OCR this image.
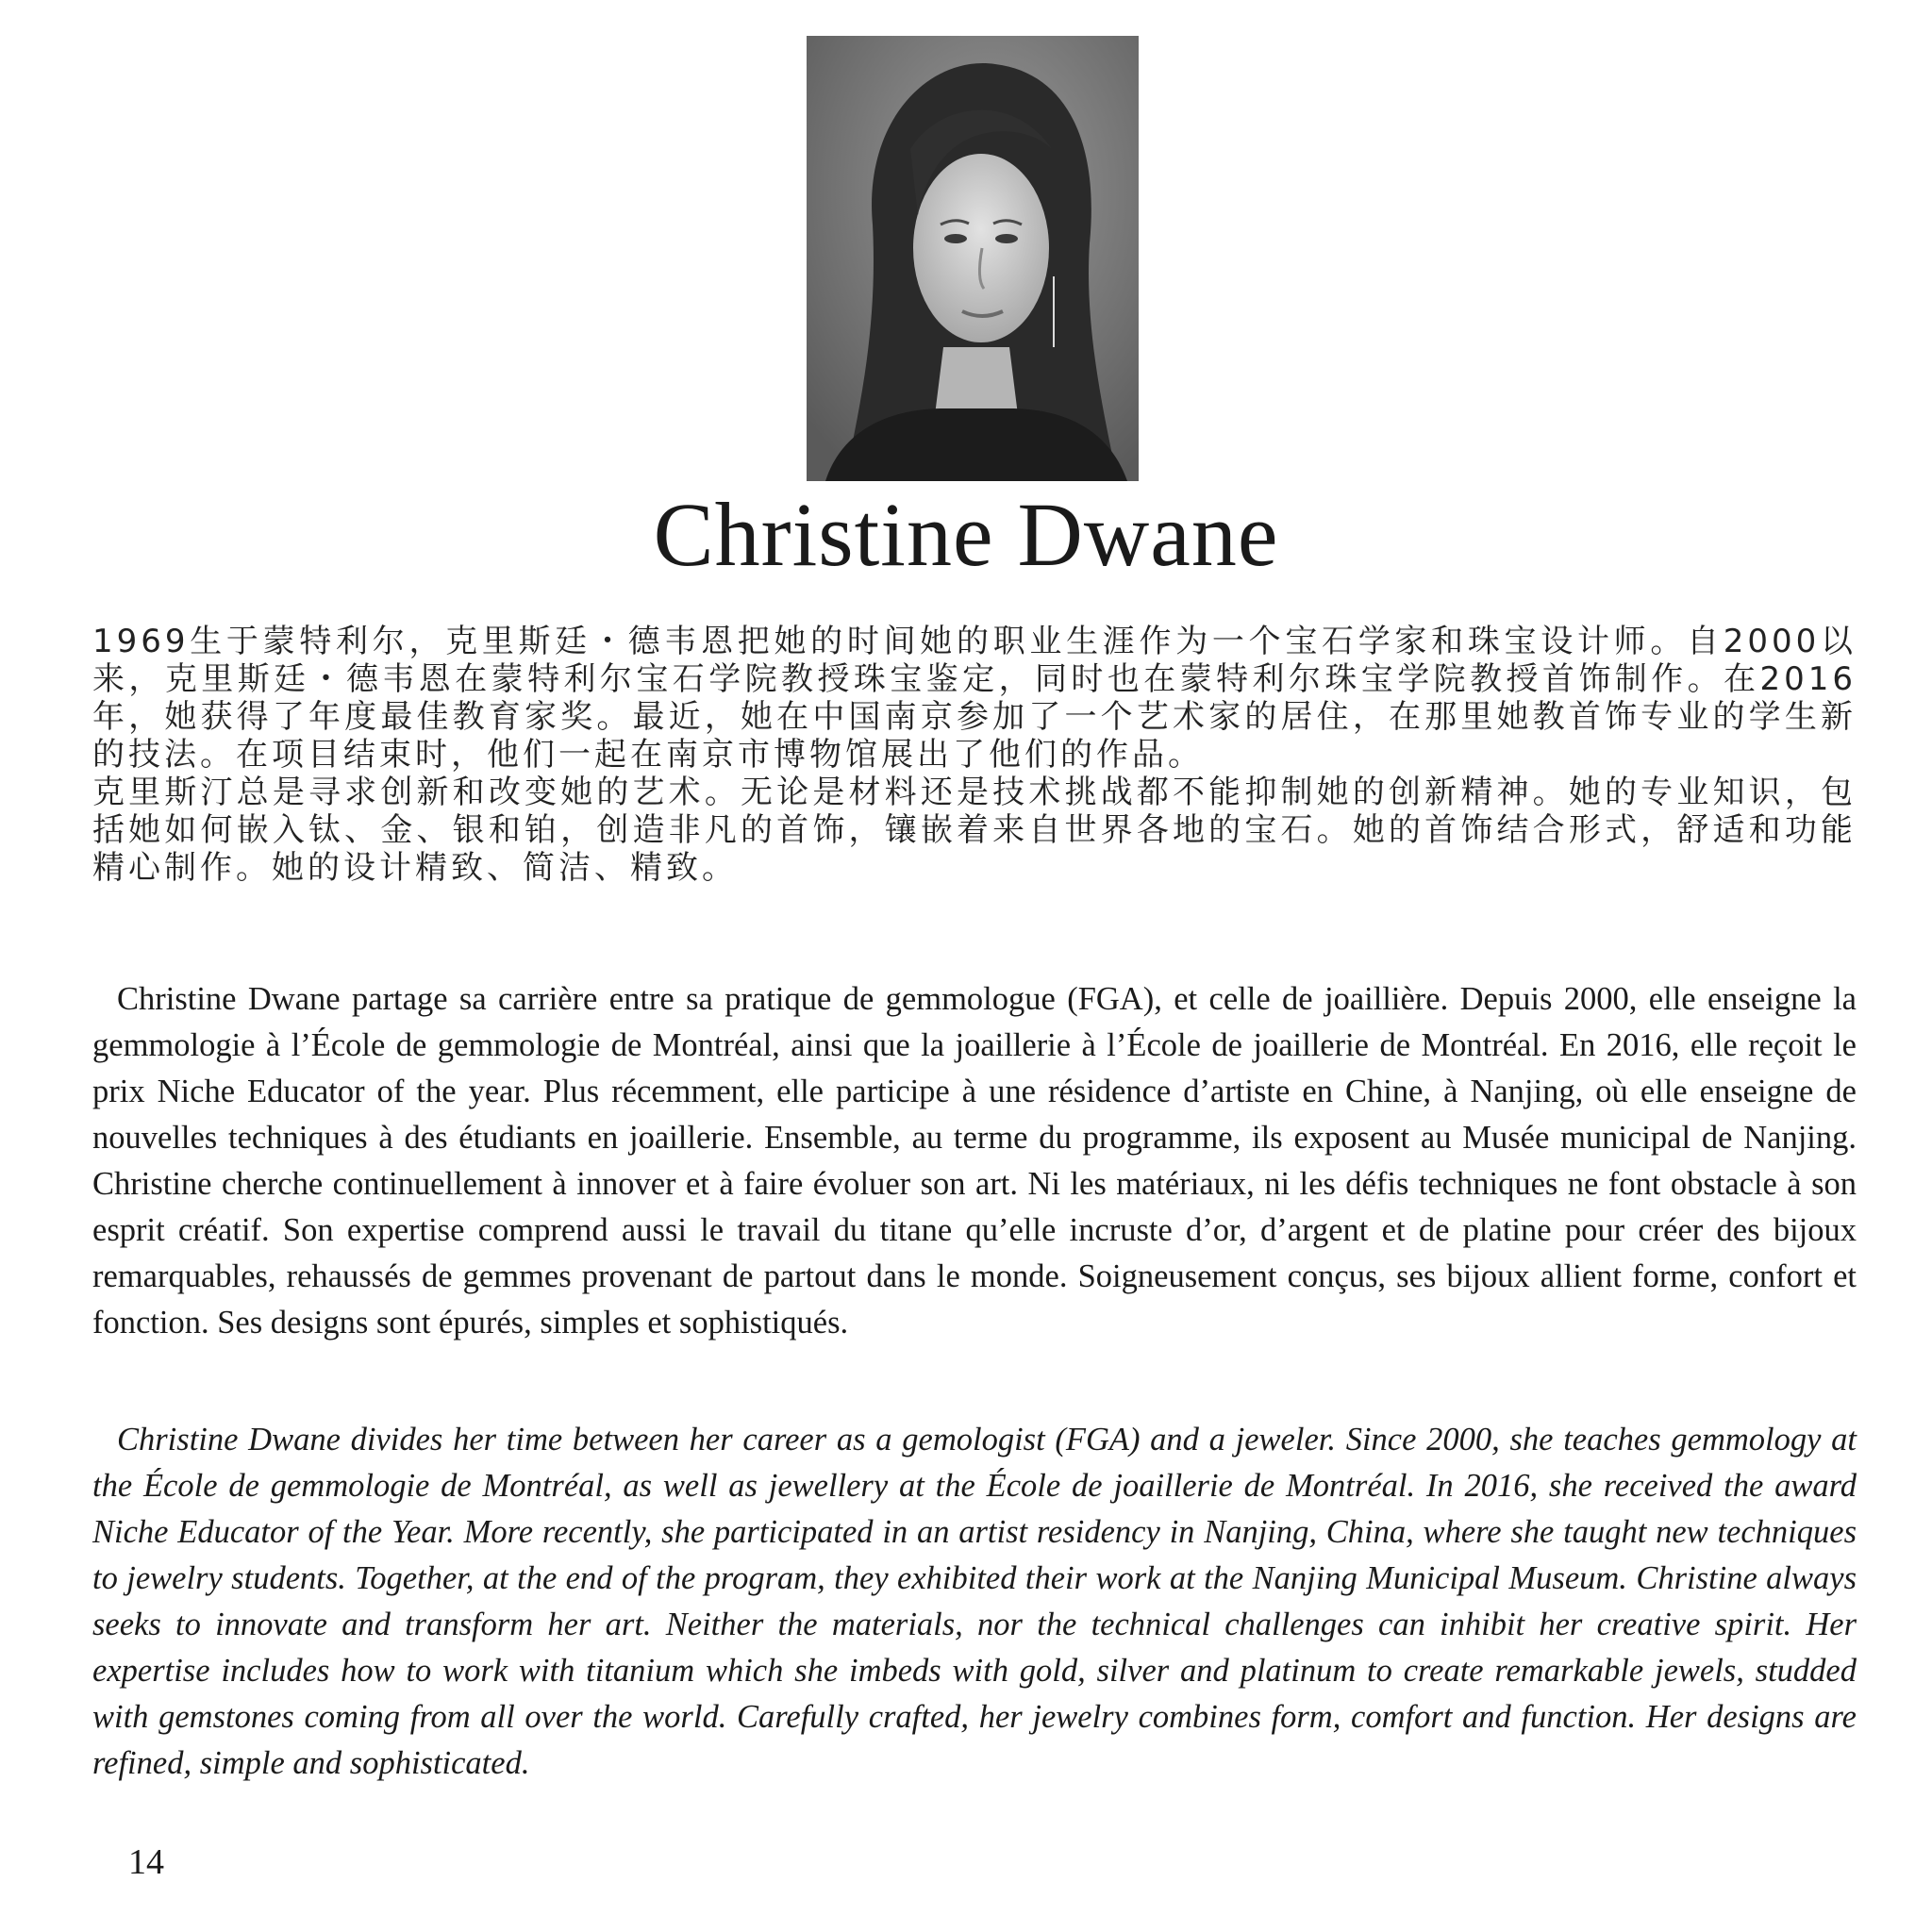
Christine Dwane

1969生于蒙特利尔，克里斯廷・德韦恩把她的时间她的职业生涯作为一个宝石学家和珠宝设计师。自2000以来，克里斯廷・德韦恩在蒙特利尔宝石学院教授珠宝鉴定，同时也在蒙特利尔珠宝学院教授首饰制作。在2016年，她获得了年度最佳教育家奖。最近，她在中国南京参加了一个艺术家的居住，在那里她教首饰专业的学生新的技法。在项目结束时，他们一起在南京市博物馆展出了他们的作品。

克里斯汀总是寻求创新和改变她的艺术。无论是材料还是技术挑战都不能抑制她的创新精神。她的专业知识，包括她如何嵌入钛、金、银和铂，创造非凡的首饰，镶嵌着来自世界各地的宝石。她的首饰结合形式，舒适和功能精心制作。她的设计精致、简洁、精致。

Christine Dwane partage sa carrière entre sa pratique de gemmologue (FGA), et celle de joaillière. Depuis 2000, elle enseigne la gemmologie à l’École de gemmologie de Montréal, ainsi que la joaillerie à l’École de joaillerie de Montréal. En 2016, elle reçoit le prix Niche Educator of the year. Plus récemment, elle participe à une résidence d’artiste en Chine, à Nanjing, où elle enseigne de nouvelles techniques à des étudiants en joaillerie. Ensemble, au terme du programme, ils exposent au Musée municipal de Nanjing. Christine cherche continuellement à innover et à faire évoluer son art. Ni les matériaux, ni les défis techniques ne font obstacle à son esprit créatif. Son expertise comprend aussi le travail du titane qu’elle incruste d’or, d’argent et de platine pour créer des bijoux remarquables, rehaussés de gemmes provenant de partout dans le monde. Soigneusement conçus, ses bijoux allient forme, confort et fonction. Ses designs sont épurés, simples et sophistiqués.

Christine Dwane divides her time between her career as a gemologist (FGA) and a jeweler. Since 2000, she teaches gemmology at the École de gemmologie de Montréal, as well as jewellery at the École de joaillerie de Montréal. In 2016, she received the award Niche Educator of the Year. More recently, she participated in an artist residency in Nanjing, China, where she taught new techniques to jewelry students. Together, at the end of the program, they exhibited their work at the Nanjing Municipal Museum. Christine always seeks to innovate and transform her art. Neither the materials, nor the technical challenges can inhibit her creative spirit. Her expertise includes how to work with titanium which she imbeds with gold, silver and platinum to create remarkable jewels, studded with gemstones coming from all over the world. Carefully crafted, her jewelry combines form, comfort and function. Her designs are refined, simple and sophisticated.

14
